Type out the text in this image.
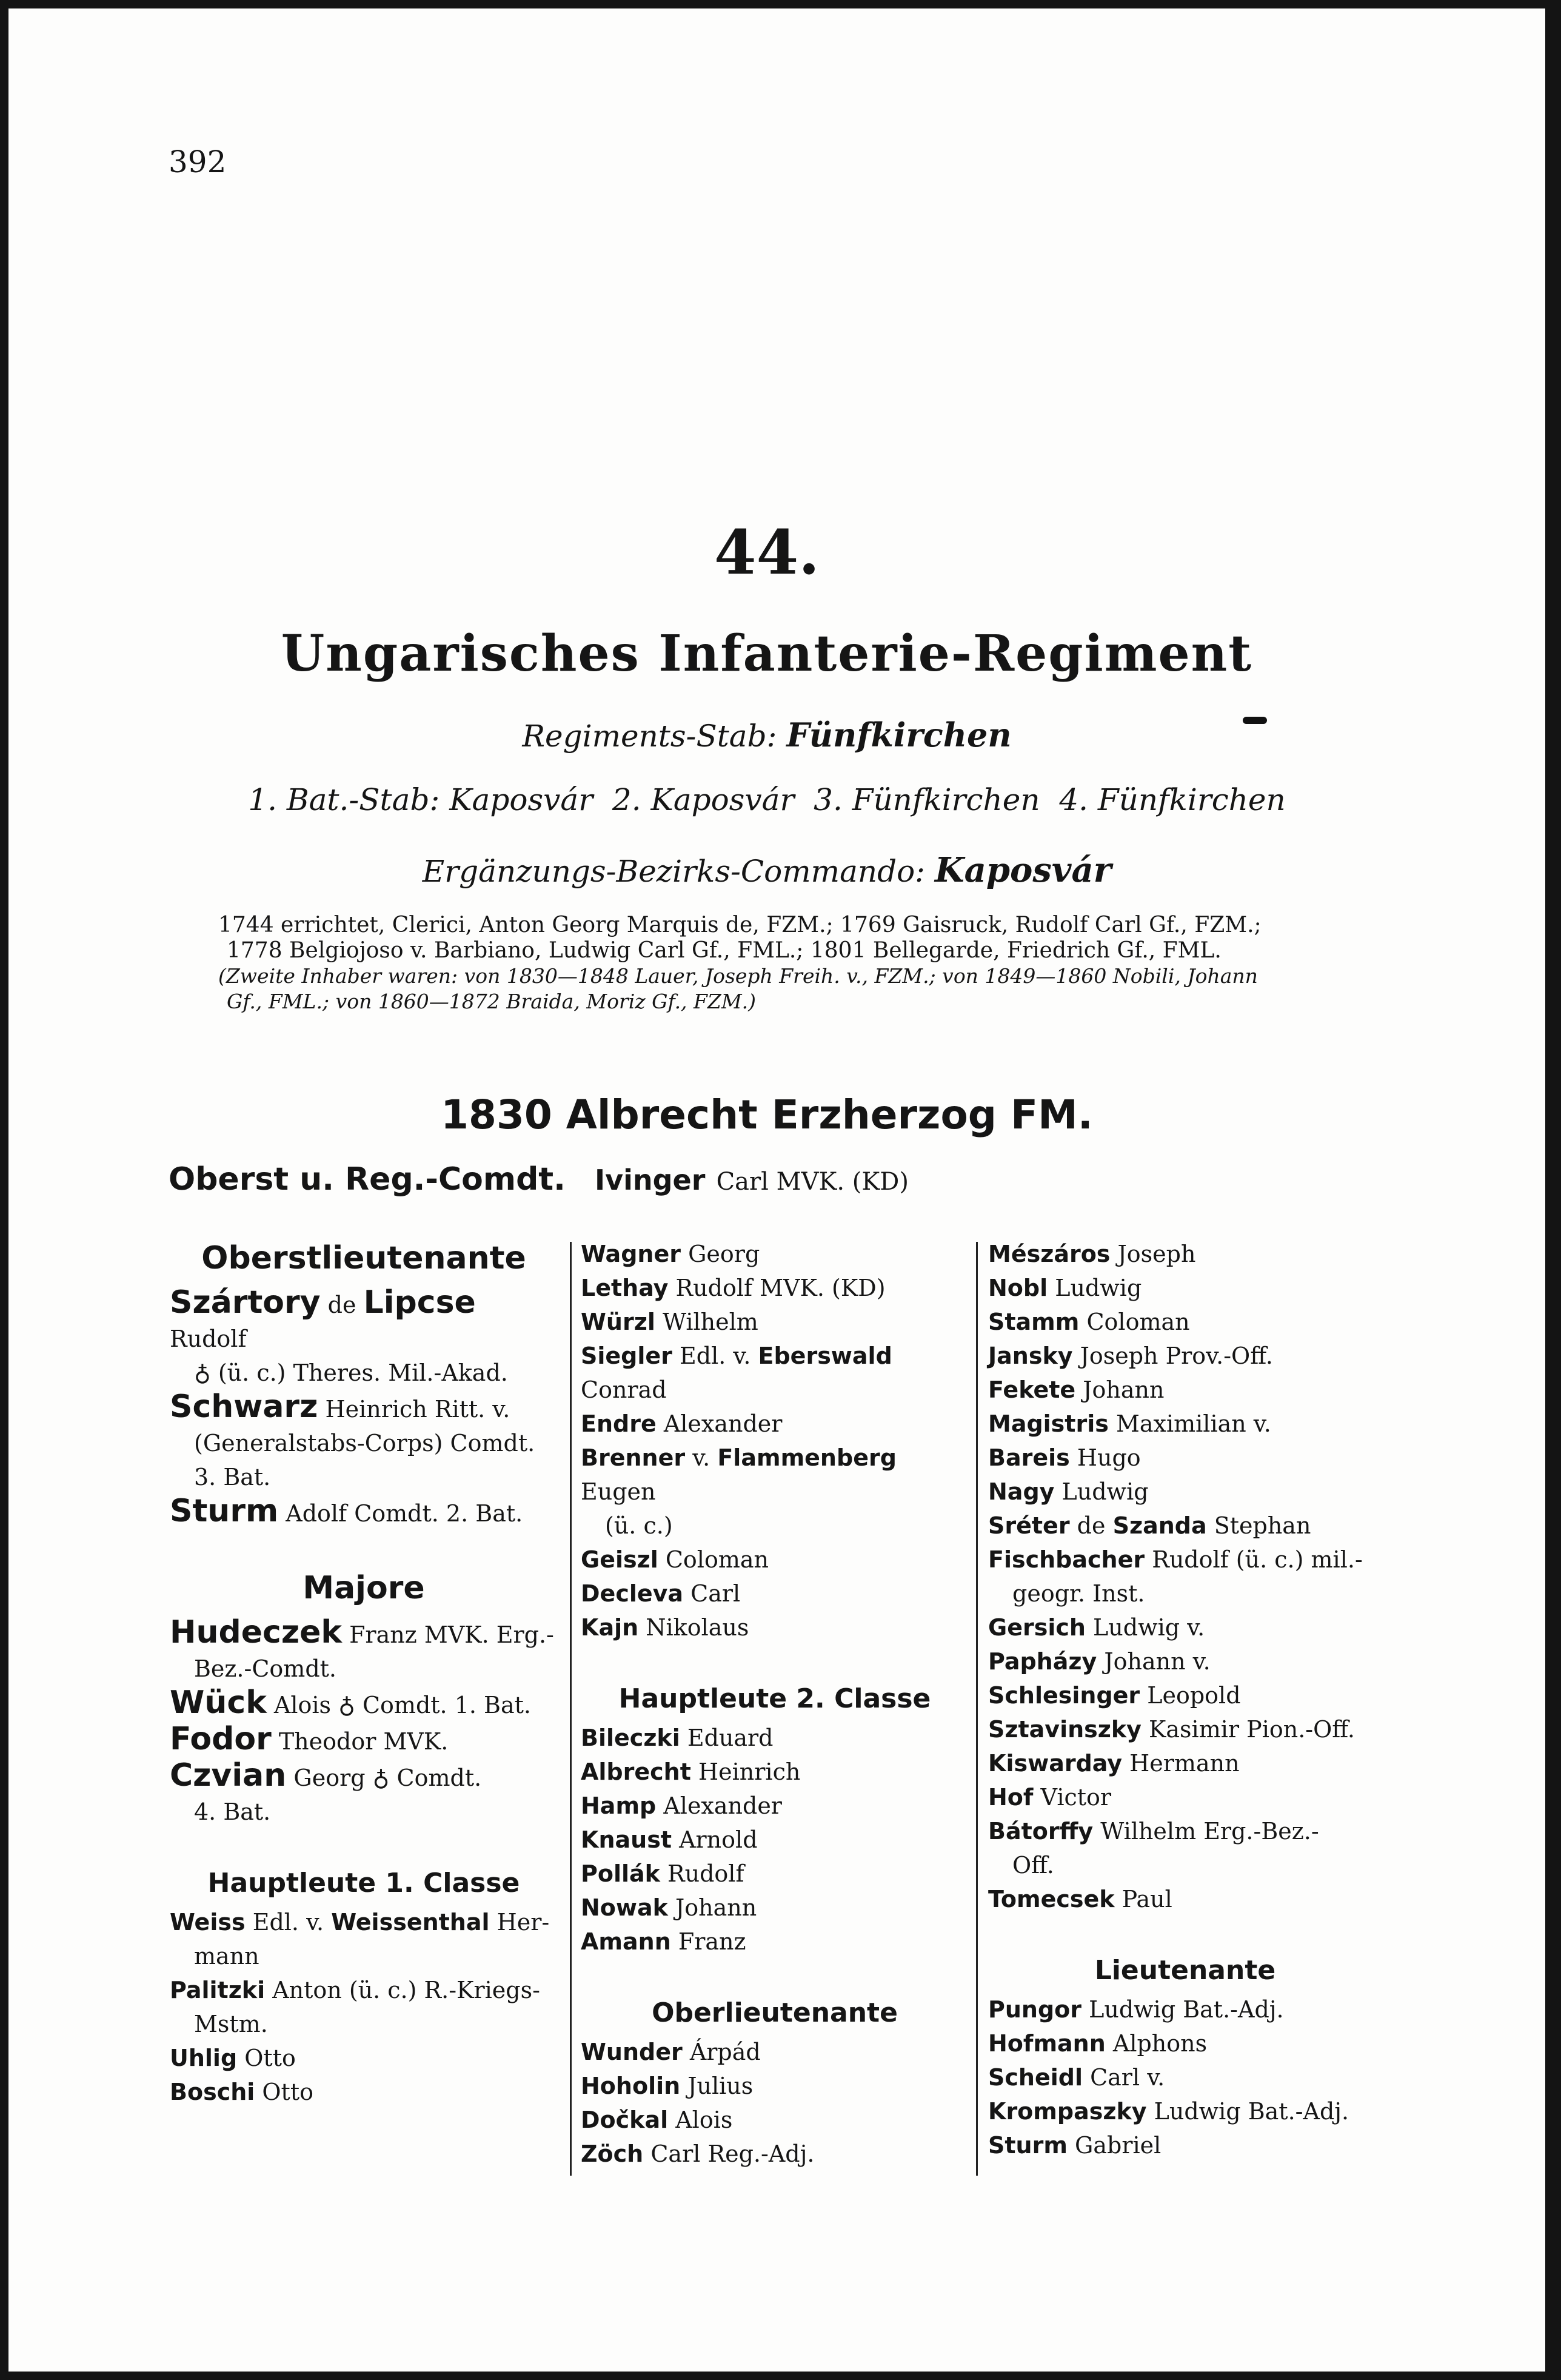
392
44.
Ungarisches Infanterie-Regiment
Regiments-Stab: Fünfkirchen
1. Bat.-Stab: Kaposvár  2. Kaposvár  3. Fünfkirchen  4. Fünfkirchen
Ergänzungs-Bezirks-Commando: Kaposvár

1744 errichtet, Clerici, Anton Georg Marquis de, FZM.; 1769 Gaisruck, Rudolf Carl Gf., FZM.;

1778 Belgiojoso v. Barbiano, Ludwig Carl Gf., FML.; 1801 Bellegarde, Friedrich Gf., FML.

(Zweite Inhaber waren: von 1830—1848 Lauer, Joseph Freih. v., FZM.; von 1849—1860 Nobili, Johann

Gf., FML.; von 1860—1872 Braida, Moriz Gf., FZM.)

1830 Albrecht Erzherzog FM.
Oberst u. Reg.-Comdt. Ivinger Carl MVK. (KD)

Oberstlieutenante

Szártory de Lipcse Rudolf

♁ (ü. c.) Theres. Mil.-Akad.

Schwarz Heinrich Ritt. v.

(Generalstabs-Corps) Comdt.

3. Bat.

Sturm Adolf Comdt. 2. Bat.

Majore

Hudeczek Franz MVK. Erg.-

Bez.-Comdt.

Wück Alois ♁ Comdt. 1. Bat.

Fodor Theodor MVK.

Czvian Georg ♁ Comdt.

4. Bat.

Hauptleute 1. Classe

Weiss Edl. v. Weissenthal Her-

mann

Palitzki Anton (ü. c.) R.-Kriegs-

Mstm.

Uhlig Otto

Boschi Otto

Wagner Georg

Lethay Rudolf MVK. (KD)

Würzl Wilhelm

Siegler Edl. v. Eberswald Conrad

Endre Alexander

Brenner v. Flammenberg Eugen

(ü. c.)

Geiszl Coloman

Decleva Carl

Kajn Nikolaus

Hauptleute 2. Classe

Bileczki Eduard

Albrecht Heinrich

Hamp Alexander

Knaust Arnold

Pollák Rudolf

Nowak Johann

Amann Franz

Oberlieutenante

Wunder Árpád

Hoholin Julius

Dočkal Alois

Zöch Carl Reg.-Adj.

Mészáros Joseph

Nobl Ludwig

Stamm Coloman

Jansky Joseph Prov.-Off.

Fekete Johann

Magistris Maximilian v.

Bareis Hugo

Nagy Ludwig

Sréter de Szanda Stephan

Fischbacher Rudolf (ü. c.) mil.-

geogr. Inst.

Gersich Ludwig v.

Papházy Johann v.

Schlesinger Leopold

Sztavinszky Kasimir Pion.-Off.

Kiswarday Hermann

Hof Victor

Bátorffy Wilhelm Erg.-Bez.-

Off.

Tomecsek Paul

Lieutenante

Pungor Ludwig Bat.-Adj.

Hofmann Alphons

Scheidl Carl v.

Krompaszky Ludwig Bat.-Adj.

Sturm Gabriel
